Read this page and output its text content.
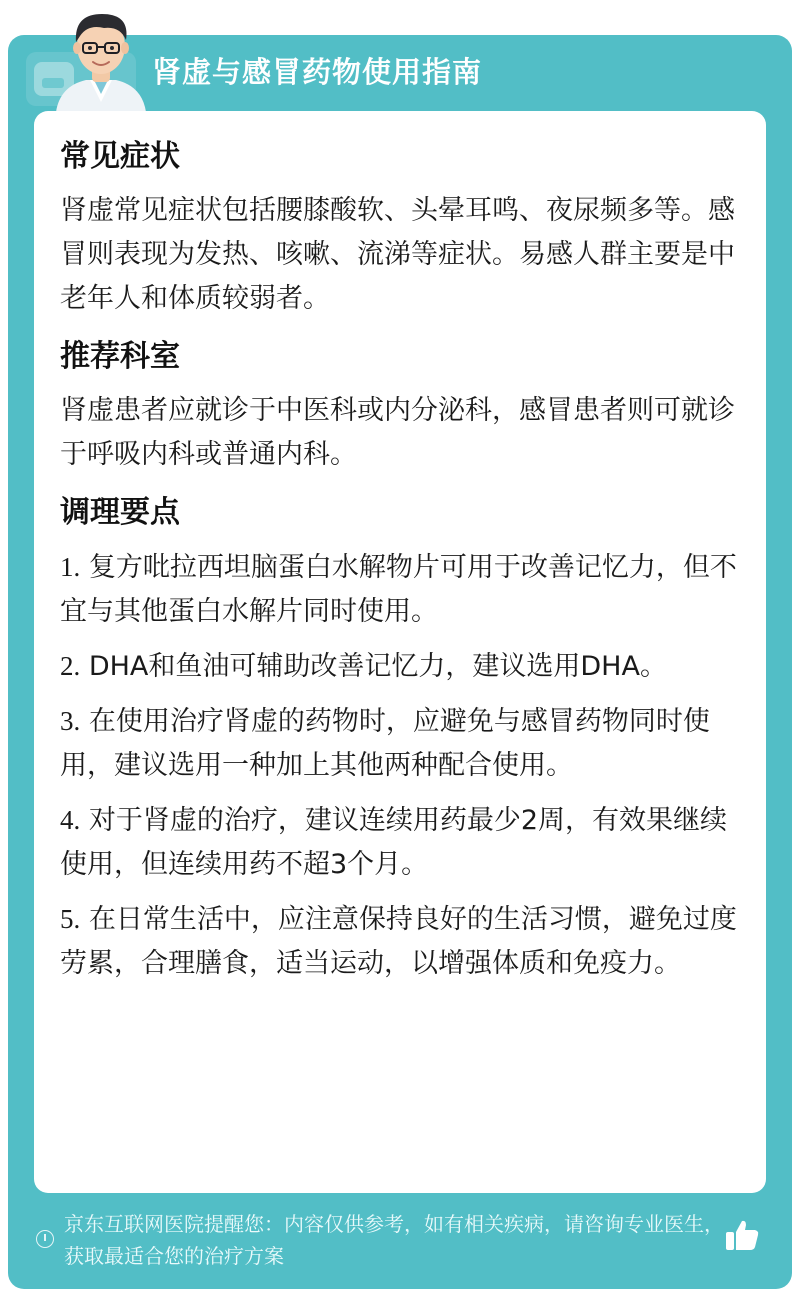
肾虚与感冒药物使用指南
常见症状
肾虚常见症状包括腰膝酸软、头晕耳鸣、夜尿频多等。感冒则表现为发热、咳嗽、流涕等症状。易感人群主要是中老年人和体质较弱者。
推荐科室
肾虚患者应就诊于中医科或内分泌科，感冒患者则可就诊于呼吸内科或普通内科。
调理要点
1. 复方吡拉西坦脑蛋白水解物片可用于改善记忆力，但不宜与其他蛋白水解片同时使用。
2. DHA和鱼油可辅助改善记忆力，建议选用DHA。
3. 在使用治疗肾虚的药物时，应避免与感冒药物同时使用，建议选用一种加上其他两种配合使用。
4. 对于肾虚的治疗，建议连续用药最少2周，有效果继续使用，但连续用药不超3个月。
5. 在日常生活中，应注意保持良好的生活习惯，避免过度劳累，合理膳食，适当运动，以增强体质和免疫力。
京东互联网医院提醒您：内容仅供参考，如有相关疾病，请咨询专业医生，获取最适合您的治疗方案
